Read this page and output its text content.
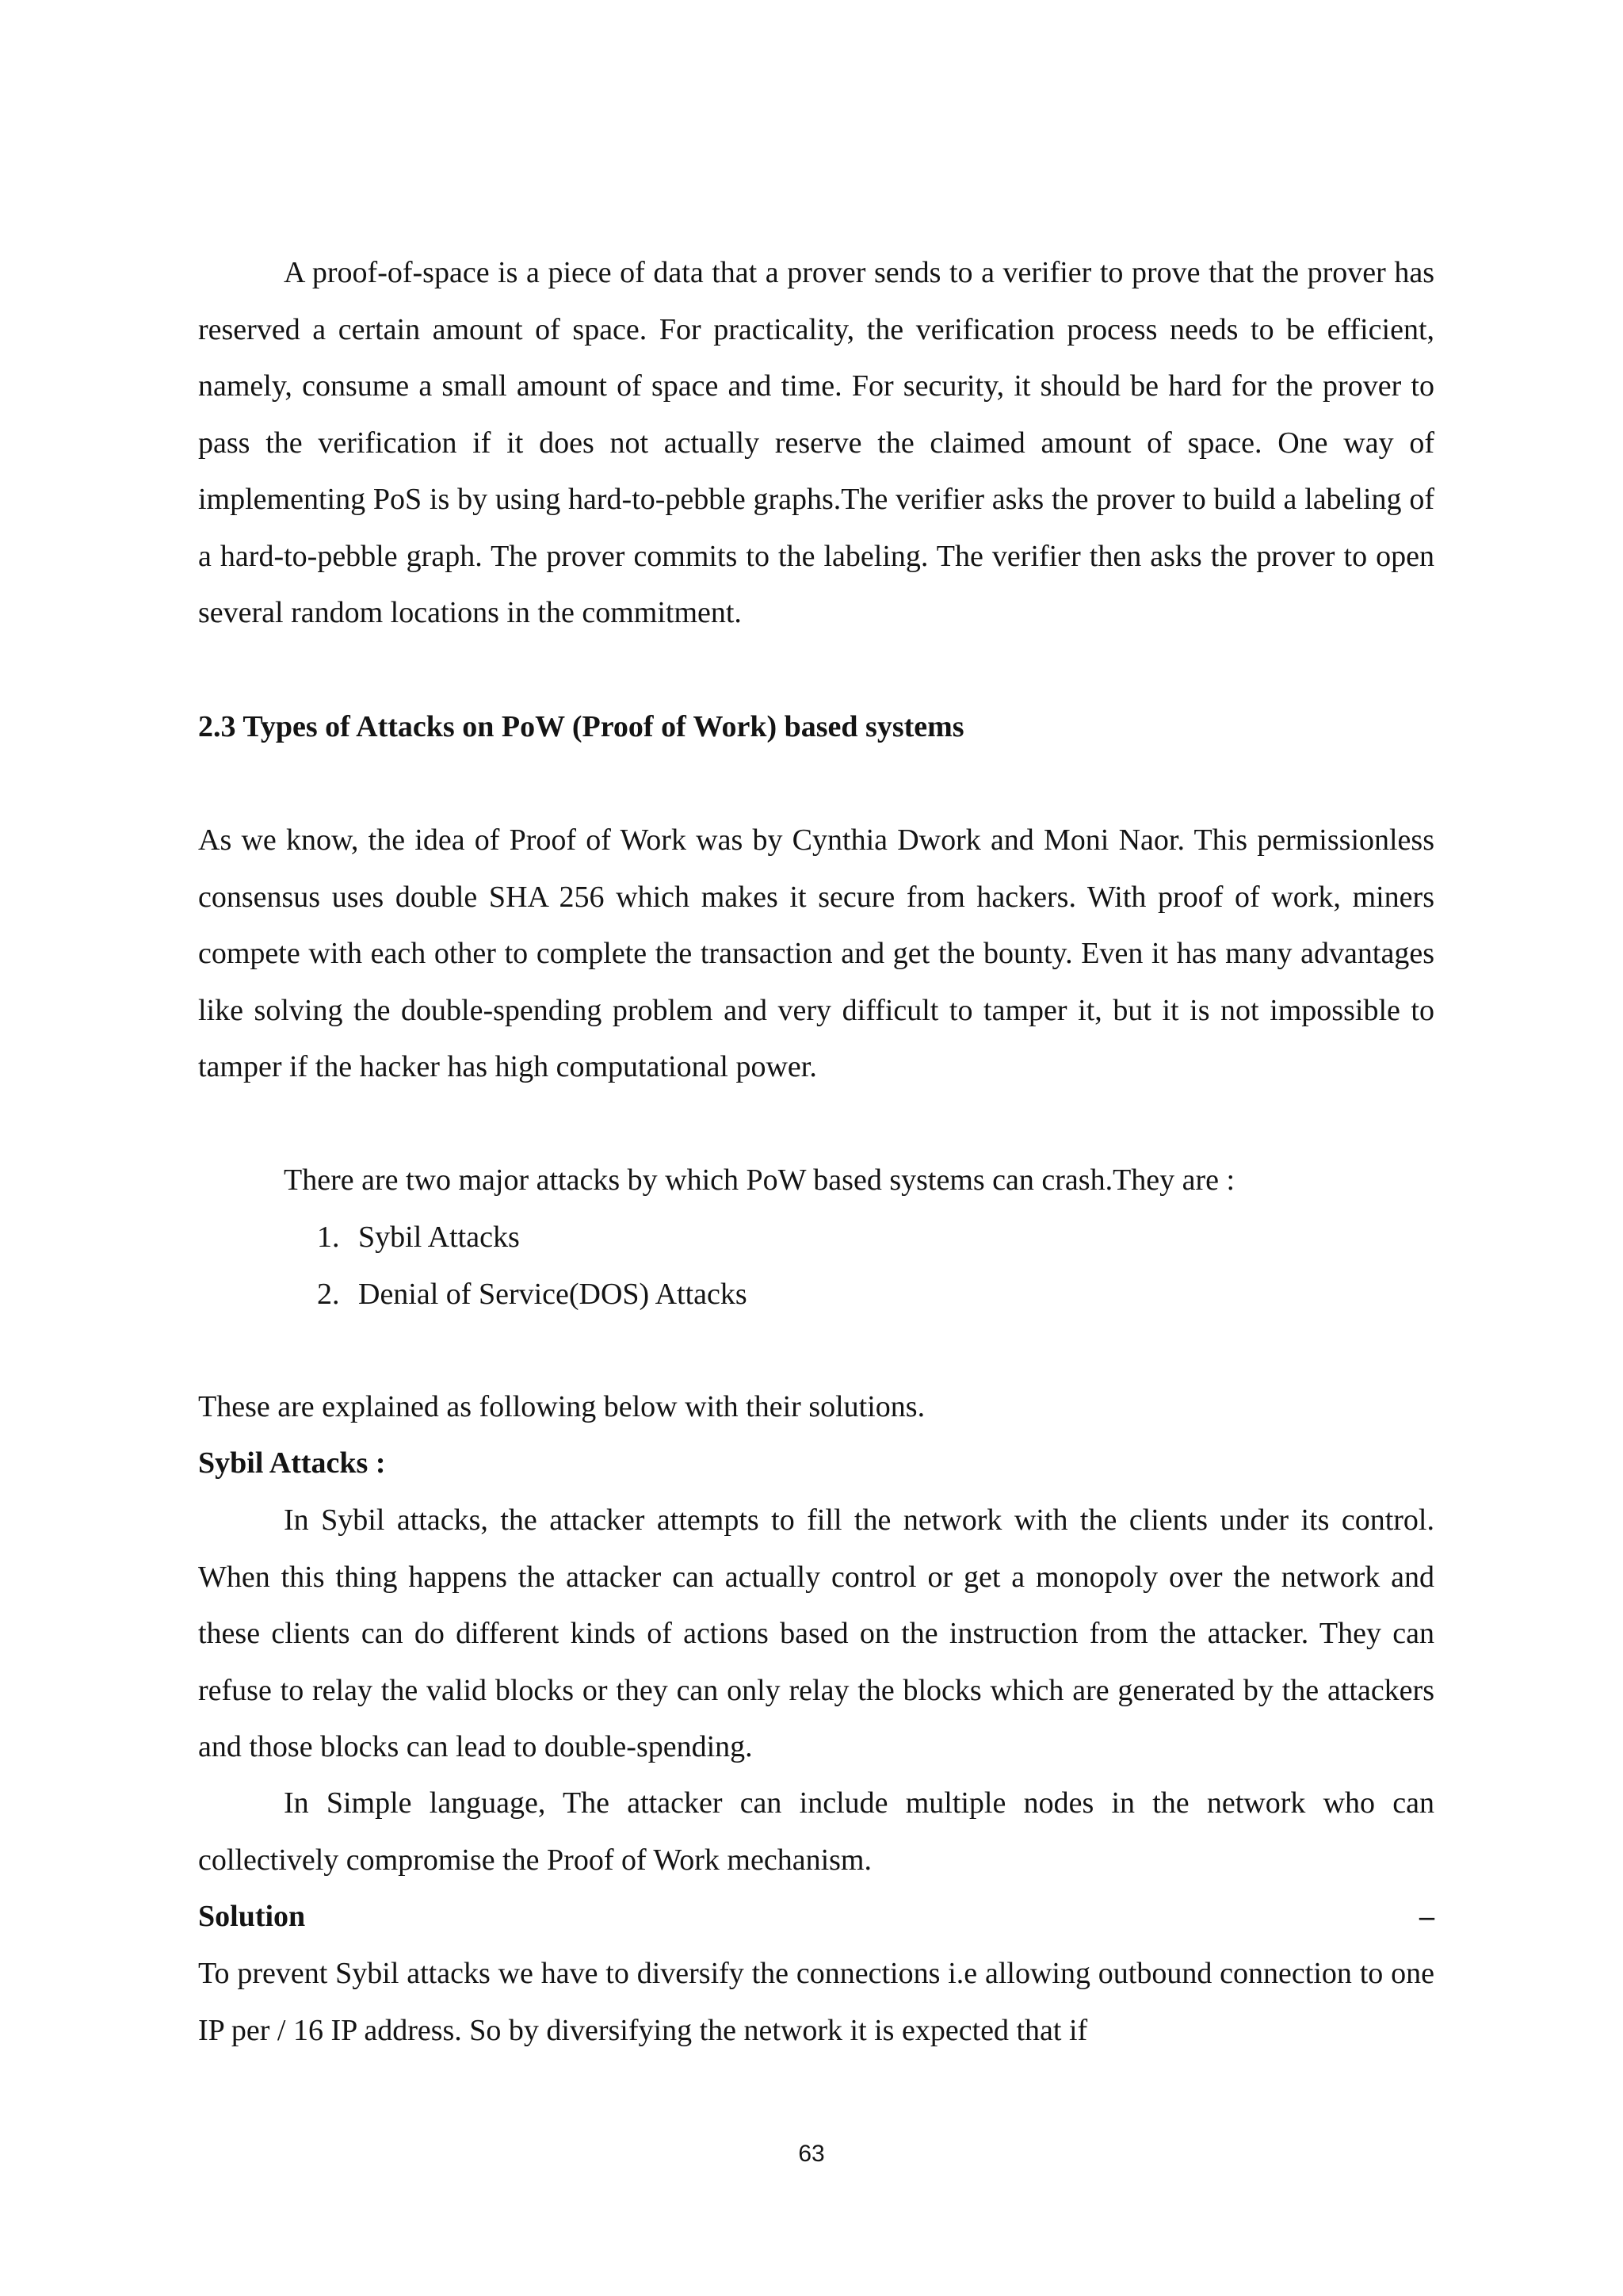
A proof-of-space is a piece of data that a prover sends to a verifier to prove that the prover has reserved a certain amount of space. For practicality, the verification process needs to be efficient, namely, consume a small amount of space and time. For security, it should be hard for the prover to pass the verification if it does not actually reserve the claimed amount of space. One way of implementing PoS is by using hard-to-pebble graphs.The verifier asks the prover to build a labeling of a hard-to-pebble graph. The prover commits to the labeling. The verifier then asks the prover to open several random locations in the commitment.

2.3 Types of Attacks on PoW (Proof of Work) based systems

As we know, the idea of Proof of Work was by Cynthia Dwork and Moni Naor. This permissionless consensus uses double SHA 256 which makes it secure from hackers. With proof of work, miners compete with each other to complete the transaction and get the bounty. Even it has many advantages like solving the double-spending problem and very difficult to tamper it, but it is not impossible to tamper if the hacker has high computational power.

There are two major attacks by which PoW based systems can crash.They are :

1. Sybil Attacks
2. Denial of Service(DOS) Attacks

These are explained as following below with their solutions.

Sybil Attacks :

In Sybil attacks, the attacker attempts to fill the network with the clients under its control. When this thing happens the attacker can actually control or get a monopoly over the network and these clients can do different kinds of actions based on the instruction from the attacker. They can refuse to relay the valid blocks or they can only relay the blocks which are generated by the attackers and those blocks can lead to double-spending.

In Simple language, The attacker can include multiple nodes in the network who can collectively compromise the Proof of Work mechanism.

Solution	–

To prevent Sybil attacks we have to diversify the connections i.e allowing outbound connection to one IP per / 16 IP address. So by diversifying the network it is expected that if

63
